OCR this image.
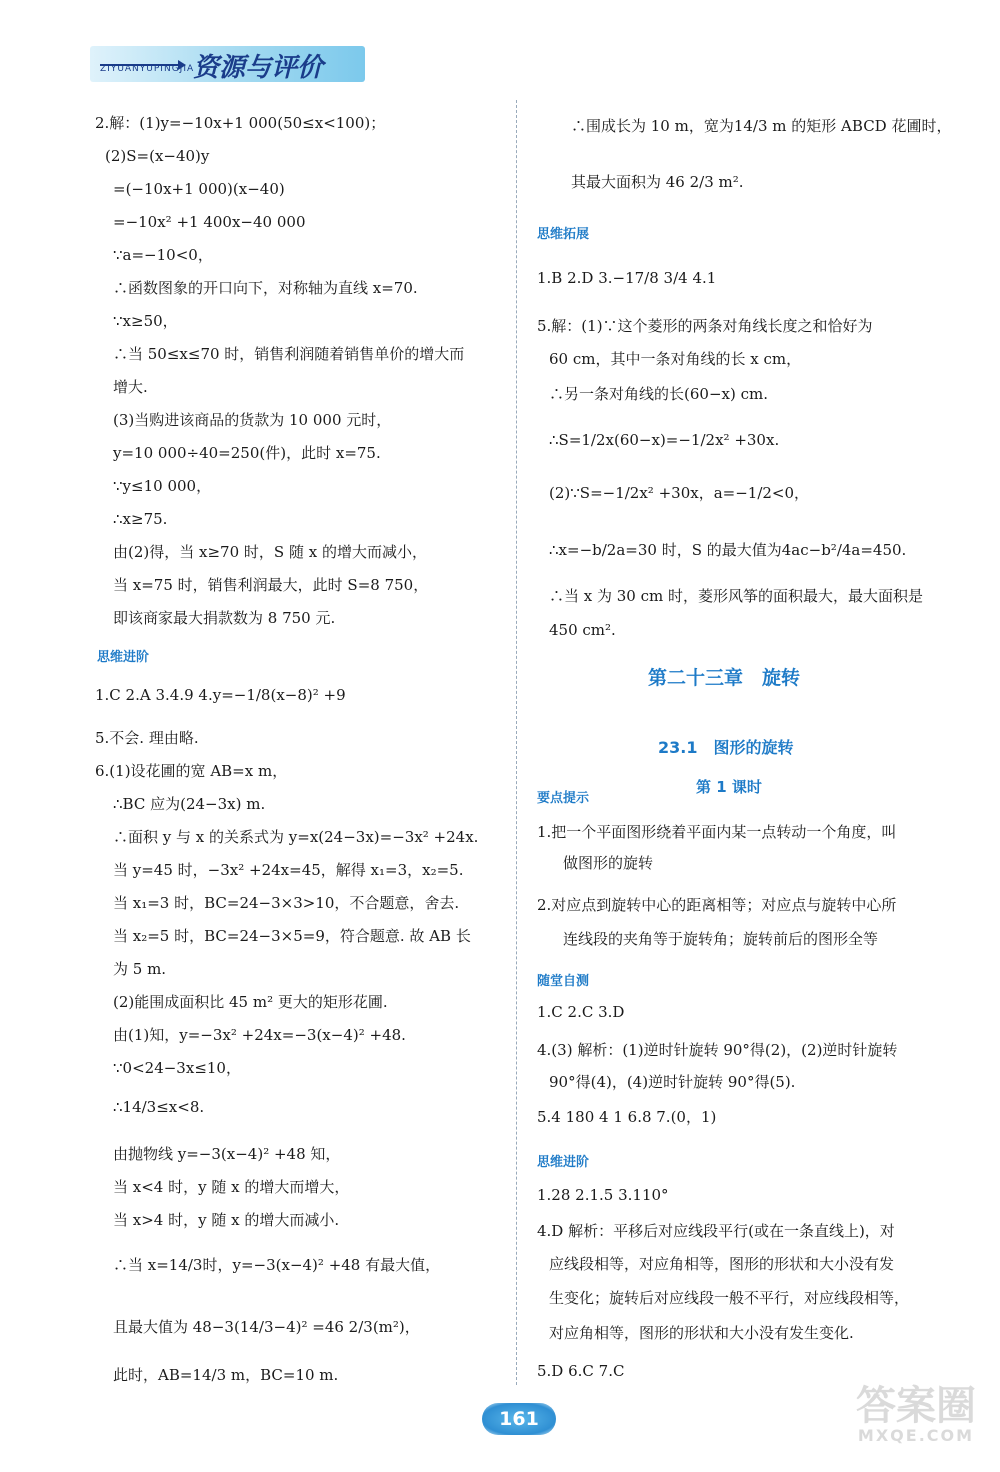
ZIYUANYUPINGJIA
资源与评价
2.解：(1)y=−10x+1 000(50≤x<100)；
(2)S=(x−40)y
=(−10x+1 000)(x−40)
=−10x² +1 400x−40 000
∵a=−10<0，
∴函数图象的开口向下，对称轴为直线 x=70.
∵x≥50，
∴当 50≤x≤70 时，销售利润随着销售单价的增大而
增大.
(3)当购进该商品的货款为 10 000 元时，
y=10 000÷40=250(件)，此时 x=75.
∵y≤10 000，
∴x≥75.
由(2)得，当 x≥70 时，S 随 x 的增大而减小，
当 x=75 时，销售利润最大，此时 S=8 750，
即该商家最大捐款数为 8 750 元.
思维进阶
1.C 2.A 3.4.9 4.y=−1/8(x−8)² +9
5.不会. 理由略.
6.(1)设花圃的宽 AB=x m，
∴BC 应为(24−3x) m.
∴面积 y 与 x 的关系式为 y=x(24−3x)=−3x² +24x.
当 y=45 时，−3x² +24x=45，解得 x₁=3，x₂=5.
当 x₁=3 时，BC=24−3×3>10，不合题意，舍去.
当 x₂=5 时，BC=24−3×5=9，符合题意. 故 AB 长
为 5 m.
(2)能围成面积比 45 m² 更大的矩形花圃.
由(1)知，y=−3x² +24x=−3(x−4)² +48.
∵0<24−3x≤10，
∴14/3≤x<8.
由抛物线 y=−3(x−4)² +48 知，
当 x<4 时，y 随 x 的增大而增大，
当 x>4 时，y 随 x 的增大而减小.
∴当 x=14/3时，y=−3(x−4)² +48 有最大值，
且最大值为 48−3(14/3−4)² =46 2/3(m²)，
此时，AB=14/3 m，BC=10 m.
∴围成长为 10 m，宽为14/3 m 的矩形 ABCD 花圃时，
其最大面积为 46 2/3 m².
思维拓展
1.B 2.D 3.−17/8 3/4 4.1
5.解：(1)∵这个菱形的两条对角线长度之和恰好为
60 cm，其中一条对角线的长 x cm，
∴另一条对角线的长(60−x) cm.
∴S=1/2x(60−x)=−1/2x² +30x.
(2)∵S=−1/2x² +30x，a=−1/2<0，
∴x=−b/2a=30 时，S 的最大值为4ac−b²/4a=450.
∴当 x 为 30 cm 时，菱形风筝的面积最大，最大面积是
450 cm².
第二十三章　旋转
23.1　图形的旋转
第 1 课时
要点提示
1.把一个平面图形绕着平面内某一点转动一个角度，叫
做图形的旋转
2.对应点到旋转中心的距离相等；对应点与旋转中心所
连线段的夹角等于旋转角；旋转前后的图形全等
随堂自测
1.C 2.C 3.D
4.(3) 解析：(1)逆时针旋转 90°得(2)，(2)逆时针旋转
90°得(4)，(4)逆时针旋转 90°得(5).
5.4 180 4 1 6.8 7.(0，1)
思维进阶
1.28 2.1.5 3.110°
4.D 解析：平移后对应线段平行(或在一条直线上)，对
应线段相等，对应角相等，图形的形状和大小没有发
生变化；旋转后对应线段一般不平行，对应线段相等，
对应角相等，图形的形状和大小没有发生变化.
5.D 6.C 7.C
161	答案圈
MXQE.COM
